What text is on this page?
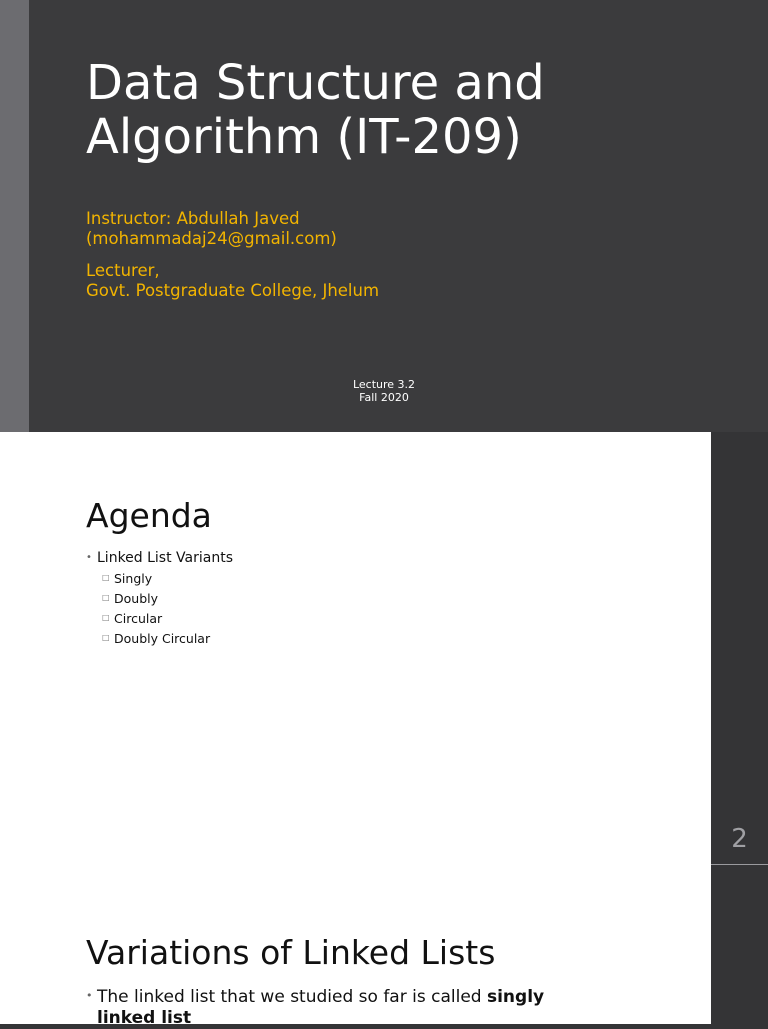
Data Structure and
Algorithm (IT-209)

Instructor: Abdullah Javed
(mohammadaj24@gmail.com)

Lecturer,
Govt. Postgraduate College, Jhelum

Lecture 3.2
Fall 2020
Agenda
• Linked List Variants
□ Singly
□ Doubly
□ Circular
□ Doubly Circular
2
Variations of Linked Lists
• The linked list that we studied so far is called singly
linked list
